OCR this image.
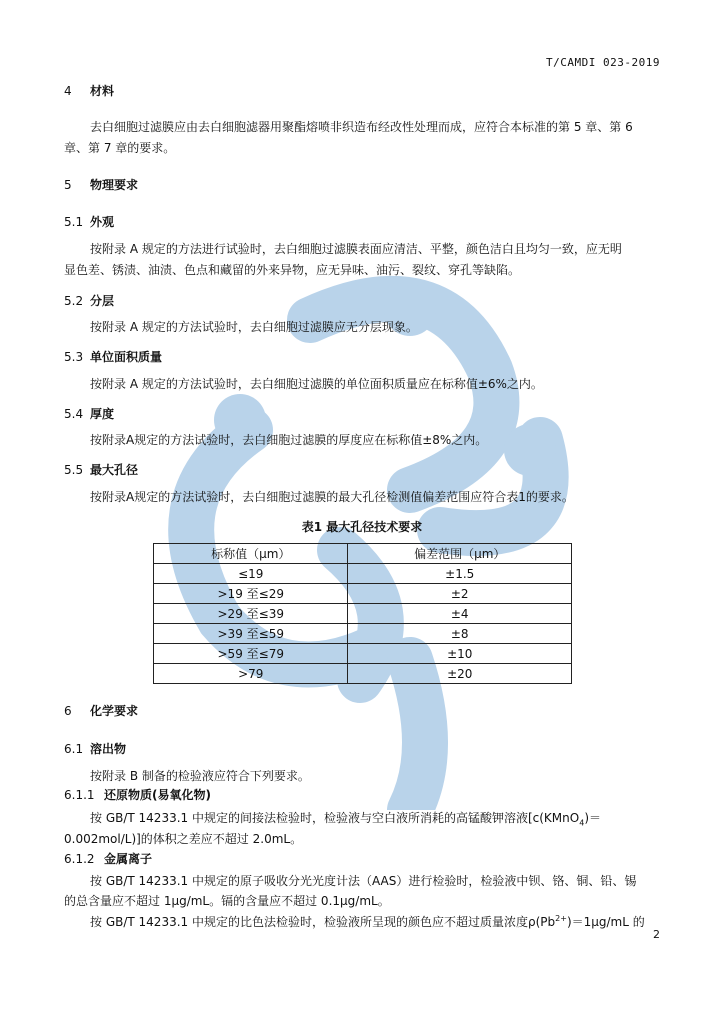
T/CAMDI 023-2019
4 材料
去白细胞过滤膜应由去白细胞滤器用聚酯熔喷非织造布经改性处理而成，应符合本标准的第 5 章、第 6
章、第 7 章的要求。
5 物理要求
5.1 外观
按附录 A 规定的方法进行试验时，去白细胞过滤膜表面应清洁、平整，颜色洁白且均匀一致，应无明
显色差、锈渍、油渍、色点和藏留的外来异物，应无异味、油污、裂纹、穿孔等缺陷。
5.2 分层
按附录 A 规定的方法试验时，去白细胞过滤膜应无分层现象。
5.3 单位面积质量
按附录 A 规定的方法试验时，去白细胞过滤膜的单位面积质量应在标称值±6%之内。
5.4 厚度
按附录A规定的方法试验时，去白细胞过滤膜的厚度应在标称值±8%之内。
5.5 最大孔径
按附录A规定的方法试验时，去白细胞过滤膜的最大孔径检测值偏差范围应符合表1的要求。
表1 最大孔径技术要求
标称值（μm）	偏差范围（μm）
≤19	±1.5
>19 至≤29	±2
>29 至≤39	±4
>39 至≤59	±8
>59 至≤79	±10
>79	±20
6 化学要求
6.1 溶出物
按附录 B 制备的检验液应符合下列要求。
6.1.1 还原物质(易氧化物)
按 GB/T 14233.1 中规定的间接法检验时，检验液与空白液所消耗的高锰酸钾溶液[c(KMnO$_4$)＝
0.002mol/L)]的体积之差应不超过 2.0mL。
6.1.2 金属离子
按 GB/T 14233.1 中规定的原子吸收分光光度计法（AAS）进行检验时，检验液中钡、铬、铜、铅、锡
的总含量应不超过 1μg/mL。镉的含量应不超过 0.1μg/mL。
按 GB/T 14233.1 中规定的比色法检验时，检验液所呈现的颜色应不超过质量浓度$\rho(Pb^{2+})=1\mu g/mL$ 的
2
